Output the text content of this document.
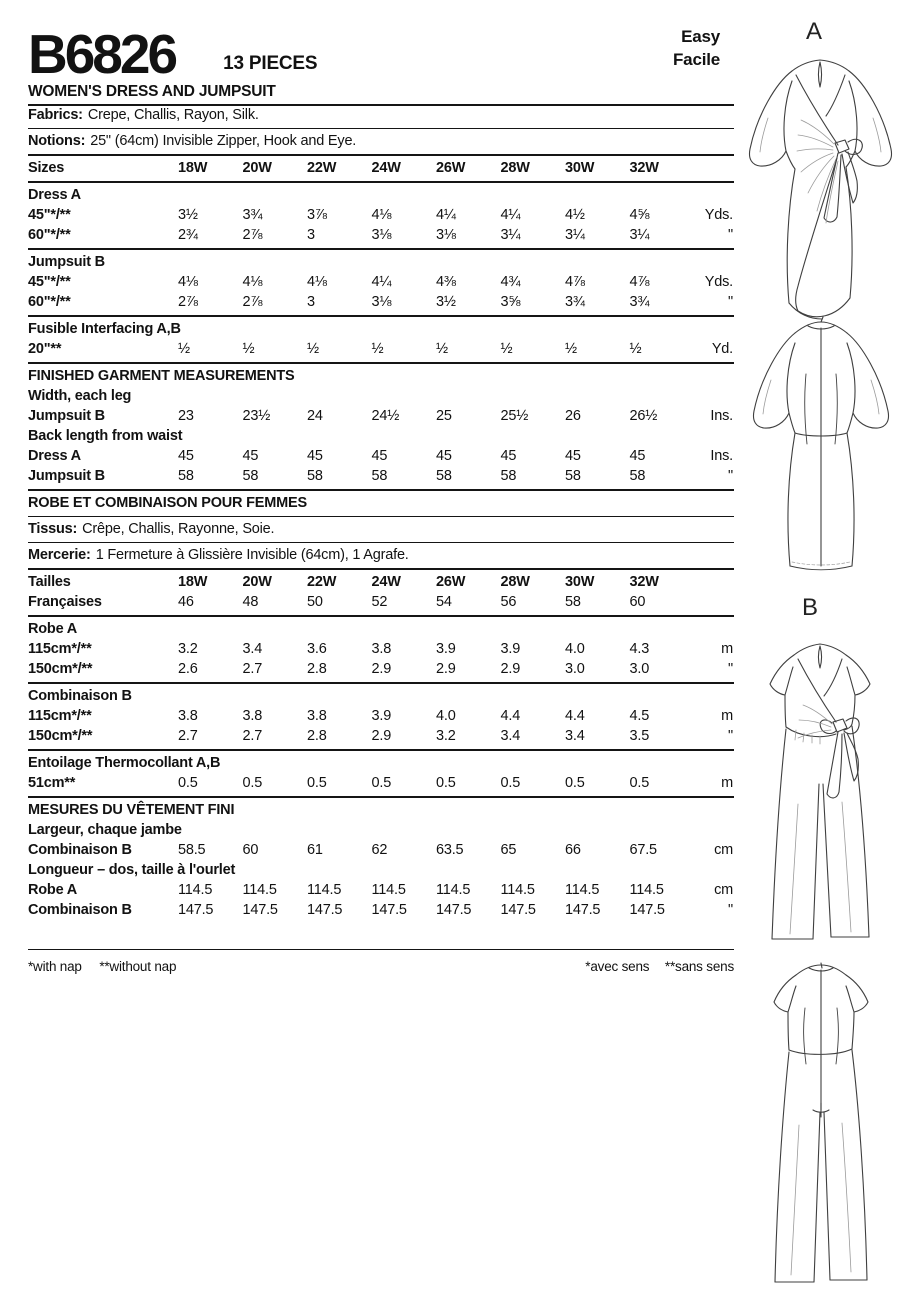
B6826	13 PIECES
Easy
Facile
WOMEN'S DRESS AND JUMPSUIT
Fabrics: Crepe, Challis, Rayon, Silk.
Notions: 25" (64cm) Invisible Zipper, Hook and Eye.
Sizes	18W	20W	22W	24W	26W	28W	30W	32W
Dress A
45"*/**	3½	3¾	3⅞	4⅛	4¼	4¼	4½	4⅝	Yds.
60"*/**	2¾	2⅞	3	3⅛	3⅛	3¼	3¼	3¼	"
Jumpsuit B
45"*/**	4⅛	4⅛	4⅛	4¼	4⅜	4¾	4⅞	4⅞	Yds.
60"*/**	2⅞	2⅞	3	3⅛	3½	3⅝	3¾	3¾	"
Fusible Interfacing A,B
20"**	½	½	½	½	½	½	½	½	Yd.
FINISHED GARMENT MEASUREMENTS
Width, each leg
Jumpsuit B	23	23½	24	24½	25	25½	26	26½	Ins.
Back length from waist
Dress A	45	45	45	45	45	45	45	45	Ins.
Jumpsuit B	58	58	58	58	58	58	58	58	"
ROBE ET COMBINAISON POUR FEMMES
Tissus: Crêpe, Challis, Rayonne, Soie.
Mercerie: 1 Fermeture à Glissière Invisible (64cm), 1 Agrafe.
Tailles	18W	20W	22W	24W	26W	28W	30W	32W
Françaises	46	48	50	52	54	56	58	60
Robe A
115cm*/**	3.2	3.4	3.6	3.8	3.9	3.9	4.0	4.3	m
150cm*/**	2.6	2.7	2.8	2.9	2.9	2.9	3.0	3.0	"
Combinaison B
115cm*/**	3.8	3.8	3.8	3.9	4.0	4.4	4.4	4.5	m
150cm*/**	2.7	2.7	2.8	2.9	3.2	3.4	3.4	3.5	"
Entoilage Thermocollant A,B
51cm**	0.5	0.5	0.5	0.5	0.5	0.5	0.5	0.5	m
MESURES DU VÊTEMENT FINI
Largeur, chaque jambe
Combinaison B	58.5	60	61	62	63.5	65	66	67.5	cm
Longueur – dos, taille à l'ourlet
Robe A	114.5	114.5	114.5	114.5	114.5	114.5	114.5	114.5	cm
Combinaison B	147.5	147.5	147.5	147.5	147.5	147.5	147.5	147.5	"
*with nap **without nap	*avec sens **sans sens
A
B
